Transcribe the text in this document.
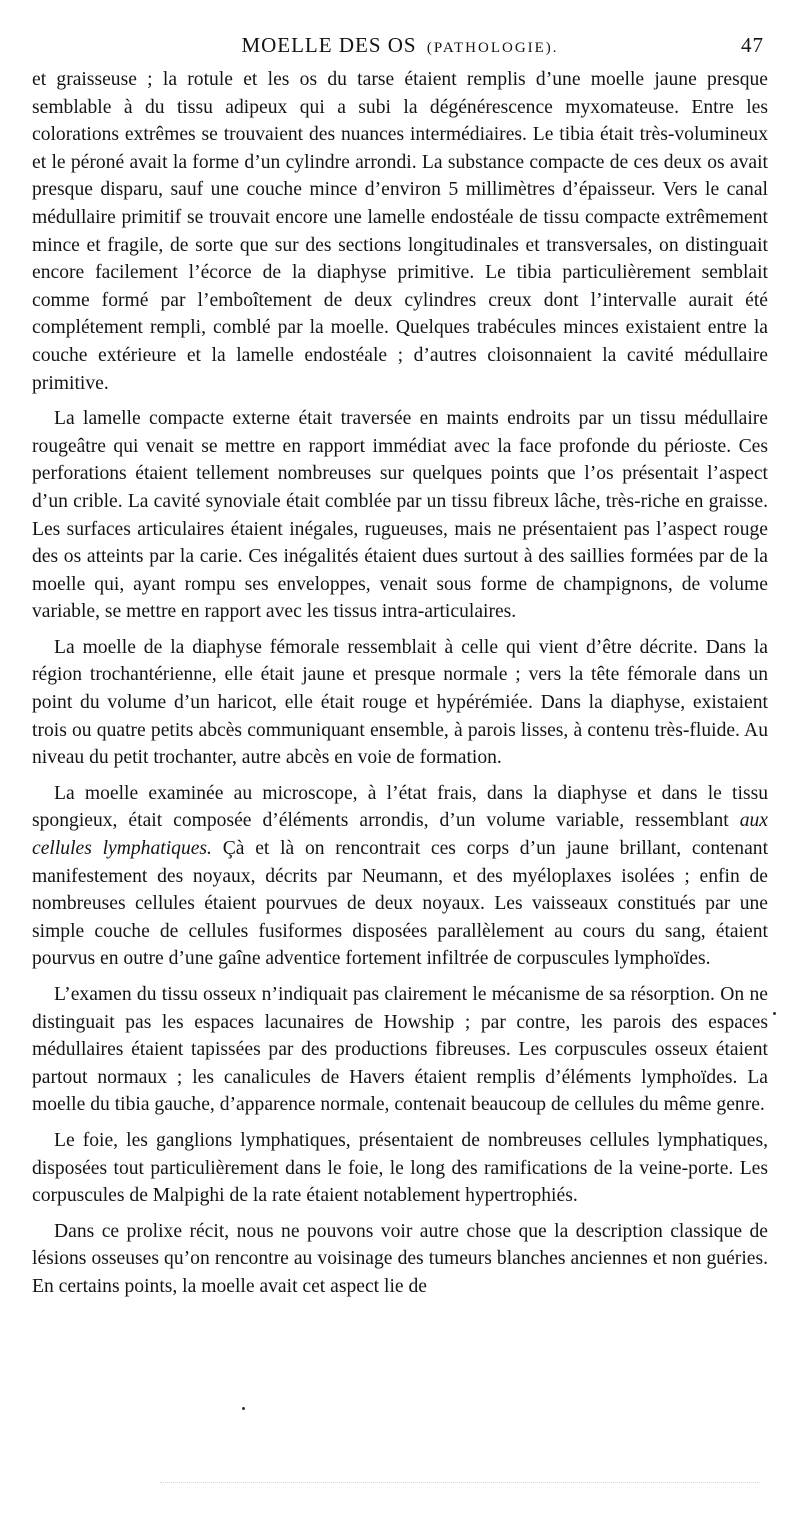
MOELLE DES OS (PATHOLOGIE).	47

et graisseuse ; la rotule et les os du tarse étaient remplis d’une moelle jaune presque semblable à du tissu adipeux qui a subi la dégénérescence myxomateuse. Entre les colorations extrêmes se trouvaient des nuances intermédiaires. Le tibia était très-volumineux et le péroné avait la forme d’un cylindre arrondi. La substance compacte de ces deux os avait presque disparu, sauf une couche mince d’environ 5 millimètres d’épaisseur. Vers le canal médullaire primitif se trouvait encore une lamelle endostéale de tissu compacte extrêmement mince et fragile, de sorte que sur des sections longitudinales et transversales, on distinguait encore facilement l’écorce de la diaphyse primitive. Le tibia particulièrement semblait comme formé par l’emboîtement de deux cylindres creux dont l’intervalle aurait été complétement rempli, comblé par la moelle. Quelques trabécules minces existaient entre la couche extérieure et la lamelle endostéale ; d’autres cloisonnaient la cavité médullaire primitive.

La lamelle compacte externe était traversée en maints endroits par un tissu médullaire rougeâtre qui venait se mettre en rapport immédiat avec la face profonde du périoste. Ces perforations étaient tellement nombreuses sur quelques points que l’os présentait l’aspect d’un crible. La cavité synoviale était comblée par un tissu fibreux lâche, très-riche en graisse. Les surfaces articulaires étaient inégales, rugueuses, mais ne présentaient pas l’aspect rouge des os atteints par la carie. Ces inégalités étaient dues surtout à des saillies formées par de la moelle qui, ayant rompu ses enveloppes, venait sous forme de champignons, de volume variable, se mettre en rapport avec les tissus intra-articulaires.

La moelle de la diaphyse fémorale ressemblait à celle qui vient d’être décrite. Dans la région trochantérienne, elle était jaune et presque normale ; vers la tête fémorale dans un point du volume d’un haricot, elle était rouge et hypérémiée. Dans la diaphyse, existaient trois ou quatre petits abcès communiquant ensemble, à parois lisses, à contenu très-fluide. Au niveau du petit trochanter, autre abcès en voie de formation.

La moelle examinée au microscope, à l’état frais, dans la diaphyse et dans le tissu spongieux, était composée d’éléments arrondis, d’un volume variable, ressemblant aux cellules lymphatiques. Çà et là on rencontrait ces corps d’un jaune brillant, contenant manifestement des noyaux, décrits par Neumann, et des myéloplaxes isolées ; enfin de nombreuses cellules étaient pourvues de deux noyaux. Les vaisseaux constitués par une simple couche de cellules fusiformes disposées parallèlement au cours du sang, étaient pourvus en outre d’une gaîne adventice fortement infiltrée de corpuscules lymphoïdes.

L’examen du tissu osseux n’indiquait pas clairement le mécanisme de sa résorption. On ne distinguait pas les espaces lacunaires de Howship ; par contre, les parois des espaces médullaires étaient tapissées par des productions fibreuses. Les corpuscules osseux étaient partout normaux ; les canalicules de Havers étaient remplis d’éléments lymphoïdes. La moelle du tibia gauche, d’apparence normale, contenait beaucoup de cellules du même genre.

Le foie, les ganglions lymphatiques, présentaient de nombreuses cellules lymphatiques, disposées tout particulièrement dans le foie, le long des ramifications de la veine-porte. Les corpuscules de Malpighi de la rate étaient notablement hypertrophiés.

Dans ce prolixe récit, nous ne pouvons voir autre chose que la description classique de lésions osseuses qu’on rencontre au voisinage des tumeurs blanches anciennes et non guéries. En certains points, la moelle avait cet aspect lie de
